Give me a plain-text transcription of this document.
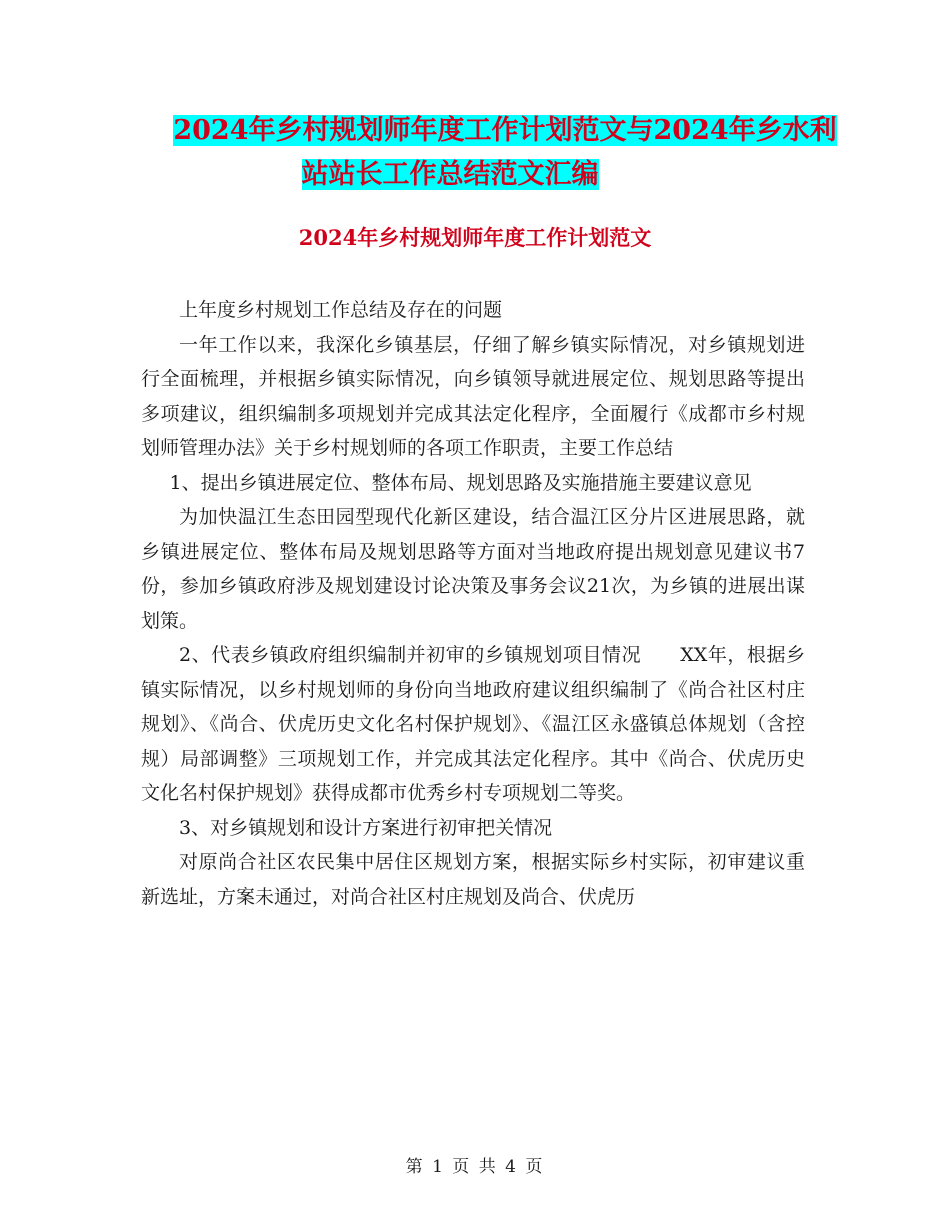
2024年乡村规划师年度工作计划范文与2024年乡水利
站站长工作总结范文汇编
2024年乡村规划师年度工作计划范文

上年度乡村规划工作总结及存在的问题

一年工作以来，我深化乡镇基层，仔细了解乡镇实际情况，对乡镇规划进行全面梳理，并根据乡镇实际情况，向乡镇领导就进展定位、规划思路等提出多项建议，组织编制多项规划并完成其法定化程序，全面履行《成都市乡村规划师管理办法》关于乡村规划师的各项工作职责，主要工作总结

1、提出乡镇进展定位、整体布局、规划思路及实施措施主要建议意见

为加快温江生态田园型现代化新区建设，结合温江区分片区进展思路，就乡镇进展定位、整体布局及规划思路等方面对当地政府提出规划意见建议书7份，参加乡镇政府涉及规划建设讨论决策及事务会议21次，为乡镇的进展出谋划策。

2、代表乡镇政府组织编制并初审的乡镇规划项目情况　　XX年，根据乡镇实际情况，以乡村规划师的身份向当地政府建议组织编制了《尚合社区村庄规划》、《尚合、伏虎历史文化名村保护规划》、《温江区永盛镇总体规划（含控规）局部调整》三项规划工作，并完成其法定化程序。其中《尚合、伏虎历史文化名村保护规划》获得成都市优秀乡村专项规划二等奖。

3、对乡镇规划和设计方案进行初审把关情况

对原尚合社区农民集中居住区规划方案，根据实际乡村实际，初审建议重新选址，方案未通过，对尚合社区村庄规划及尚合、伏虎历

第 1 页 共 4 页
